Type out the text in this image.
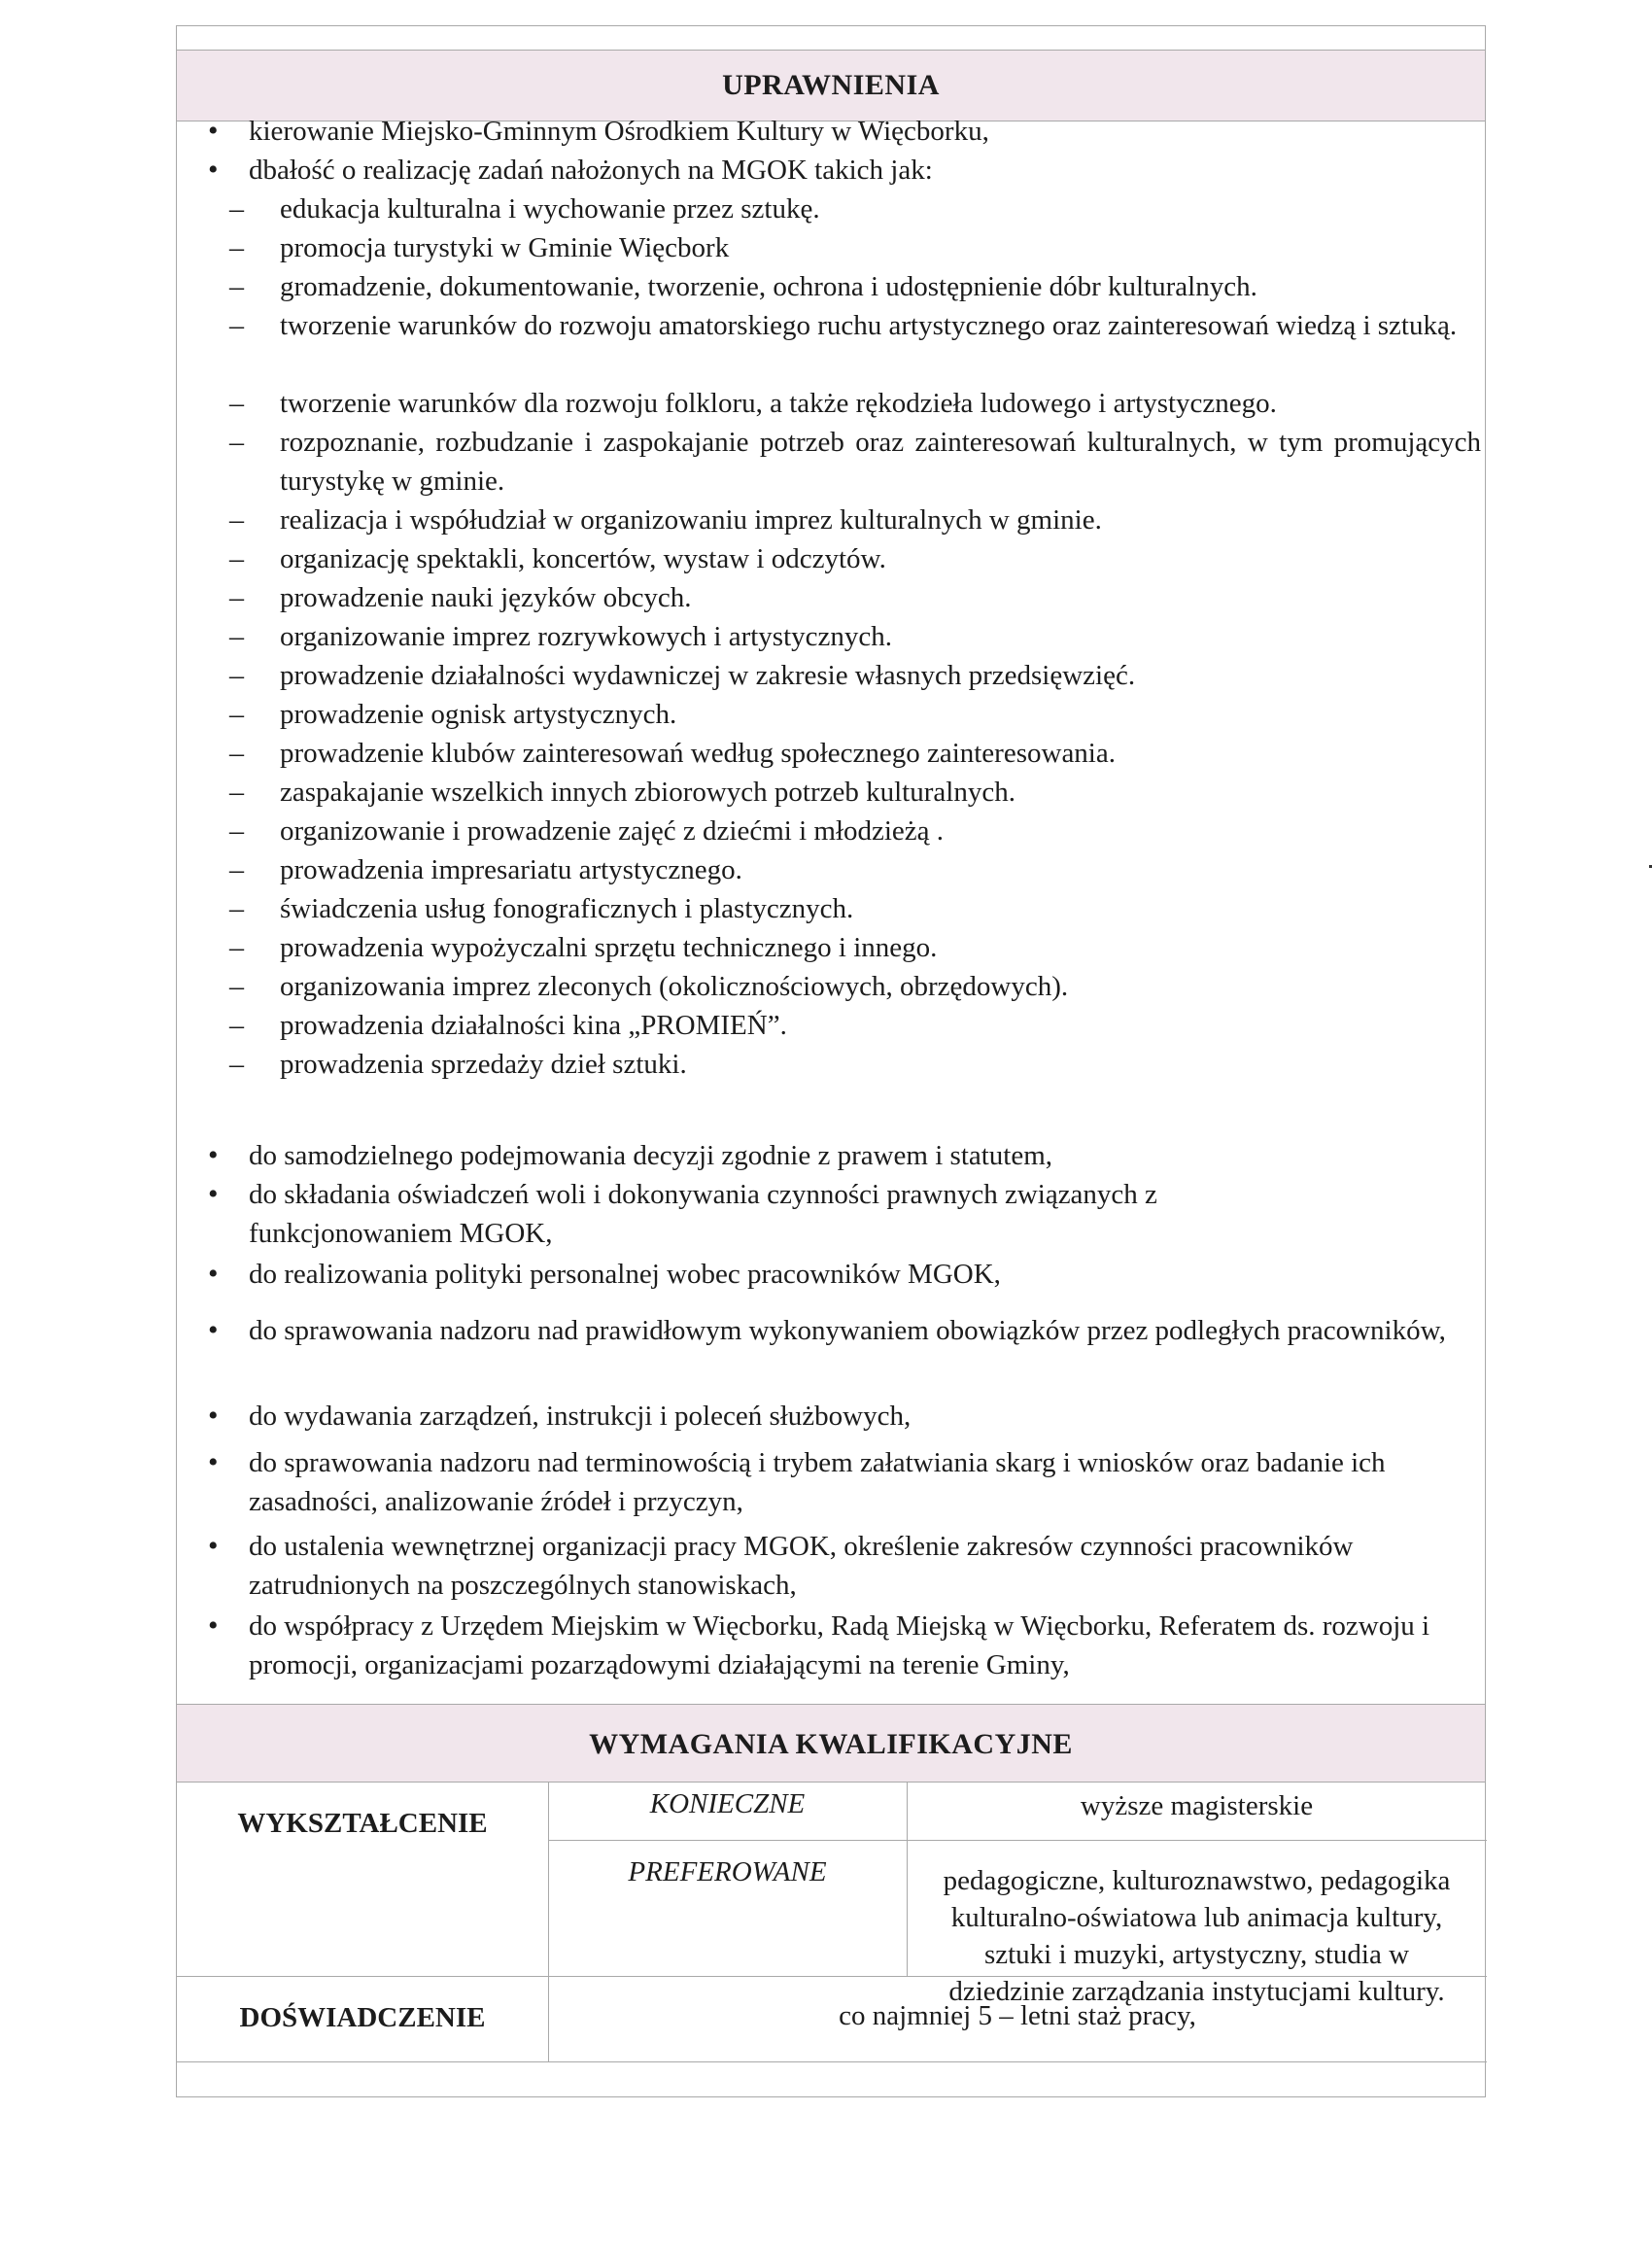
UPRAWNIENIA
•
kierowanie Miejsko-Gminnym Ośrodkiem Kultury w Więcborku,
•
dbałość o realizację zadań nałożonych na MGOK takich jak:
–
edukacja kulturalna i wychowanie przez sztukę.
–
promocja turystyki w Gminie Więcbork
–
gromadzenie, dokumentowanie, tworzenie, ochrona i udostępnienie dóbr kulturalnych.
–
tworzenie warunków do rozwoju amatorskiego ruchu artystycznego oraz zainteresowań wiedzą i sztuką.
–
tworzenie warunków dla rozwoju folkloru, a także rękodzieła ludowego i artystycznego.
–
rozpoznanie, rozbudzanie i zaspokajanie potrzeb oraz zainteresowań kulturalnych, w tym promujących turystykę w gminie.
–
realizacja i współudział w organizowaniu imprez kulturalnych w gminie.
–
organizację spektakli, koncertów, wystaw i odczytów.
–
prowadzenie nauki języków obcych.
–
organizowanie imprez rozrywkowych i artystycznych.
–
prowadzenie działalności wydawniczej w zakresie własnych przedsięwzięć.
–
prowadzenie ognisk artystycznych.
–
prowadzenie klubów zainteresowań według społecznego zainteresowania.
–
zaspakajanie wszelkich innych zbiorowych potrzeb kulturalnych.
–
organizowanie i prowadzenie zajęć z dziećmi i młodzieżą .
–
prowadzenia impresariatu artystycznego.
–
świadczenia usług fonograficznych i plastycznych.
–
prowadzenia wypożyczalni sprzętu technicznego i innego.
–
organizowania imprez zleconych (okolicznościowych, obrzędowych).
–
prowadzenia działalności kina „PROMIEŃ”.
–
prowadzenia sprzedaży dzieł sztuki.
•
do samodzielnego podejmowania decyzji zgodnie z prawem i statutem,
•
do składania oświadczeń woli i dokonywania czynności prawnych związanych z funkcjonowaniem MGOK,
•
do realizowania polityki personalnej wobec pracowników MGOK,
•
do sprawowania nadzoru nad prawidłowym wykonywaniem obowiązków przez podległych pracowników,
•
do wydawania zarządzeń, instrukcji i poleceń służbowych,
•
do sprawowania nadzoru nad terminowością i trybem załatwiania skarg i wniosków oraz badanie ich zasadności, analizowanie źródeł i przyczyn,
•
do ustalenia wewnętrznej organizacji pracy MGOK, określenie zakresów czynności pracowników zatrudnionych na poszczególnych stanowiskach,
•
do współpracy z Urzędem Miejskim w Więcborku, Radą Miejską w Więcborku, Referatem ds. rozwoju i promocji, organizacjami pozarządowymi działającymi na terenie Gminy,
WYMAGANIA KWALIFIKACYJNE
WYKSZTAŁCENIE
KONIECZNE	wyższe magisterskie
PREFEROWANE	pedagogiczne, kulturoznawstwo, pedagogika kulturalno-oświatowa lub animacja kultury, sztuki i muzyki, artystyczny, studia w dziedzinie zarządzania instytucjami kultury.
DOŚWIADCZENIE	co najmniej 5 – letni staż pracy,
